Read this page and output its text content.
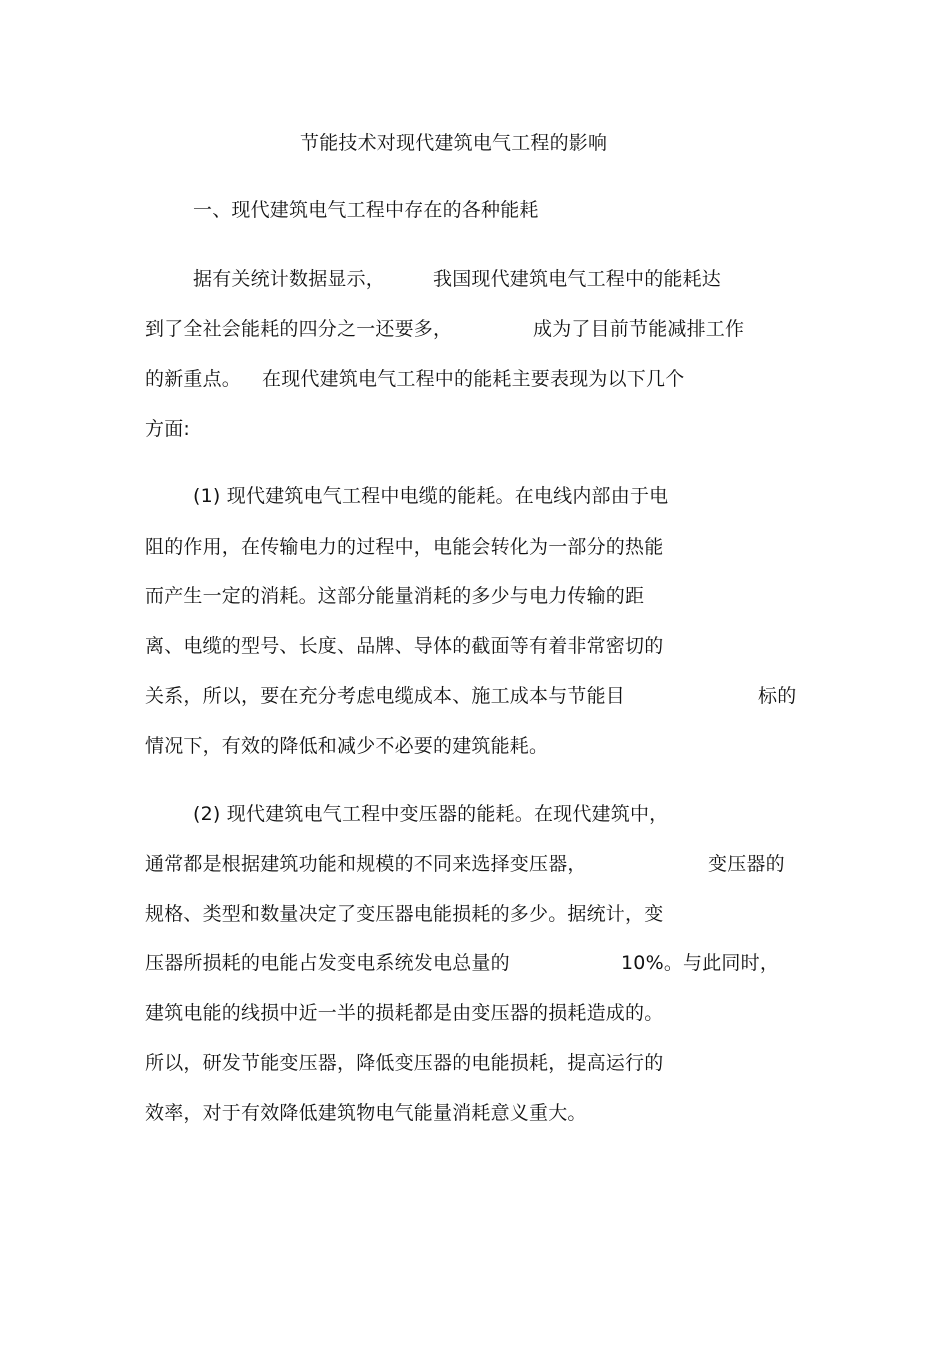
节能技术对现代建筑电气工程的影响
一、现代建筑电气工程中存在的各种能耗
据有关统计数据显示，	我国现代建筑电气工程中的能耗达
到了全社会能耗的四分之一还要多，	成为了目前节能减排工作
的新重点。 在现代建筑电气工程中的能耗主要表现为以下几个
方面:
(1) 现代建筑电气工程中电缆的能耗。在电线内部由于电
阻的作用，在传输电力的过程中，电能会转化为一部分的热能
而产生一定的消耗。这部分能量消耗的多少与电力传输的距
离、电缆的型号、长度、品牌、导体的截面等有着非常密切的
关系，所以，要在充分考虑电缆成本、施工成本与节能目	标的
情况下，有效的降低和减少不必要的建筑能耗。
(2) 现代建筑电气工程中变压器的能耗。在现代建筑中，
通常都是根据建筑功能和规模的不同来选择变压器，	变压器的
规格、类型和数量决定了变压器电能损耗的多少。据统计，变
压器所损耗的电能占发变电系统发电总量的	10%。与此同时，
建筑电能的线损中近一半的损耗都是由变压器的损耗造成的。
所以，研发节能变压器，降低变压器的电能损耗，提高运行的
效率，对于有效降低建筑物电气能量消耗意义重大。
